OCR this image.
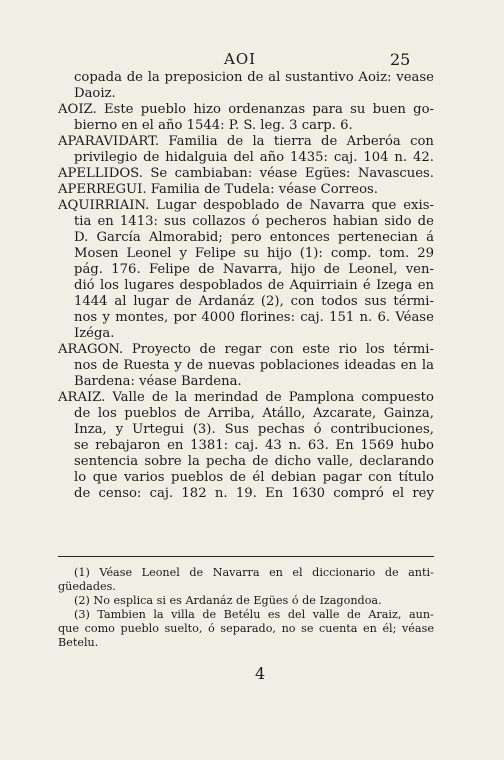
AOI	25
copada de la preposicion de al sustantivo Aoiz: vease
Daoiz.
AOIZ. Este pueblo hizo ordenanzas para su buen go-
bierno en el año 1544: P. S. leg. 3 carp. 6.
APARAVIDÁRT. Familia de la tierra de Arberóa con
privilegio de hidalguia del año 1435: caj. 104 n. 42.
APELLIDOS. Se cambiaban: véase Egües: Navascues.
APERREGUI. Familia de Tudela: véase Correos.
AQUIRRIAIN. Lugar despoblado de Navarra que exis-
tia en 1413: sus collazos ó pecheros habian sido de
D. García Almorabid; pero entonces pertenecian á
Mosen Leonel y Felipe su hijo (1): comp. tom. 29
pág. 176. Felipe de Navarra, hijo de Leonel, ven-
dió los lugares despoblados de Aquirriain é Izega en
1444 al lugar de Ardanáz (2), con todos sus térmi-
nos y montes, por 4000 florines: caj. 151 n. 6. Véase
Izéga.
ARAGON. Proyecto de regar con este rio los térmi-
nos de Ruesta y de nuevas poblaciones ideadas en la
Bardena: véase Bardena.
ARAIZ. Valle de la merindad de Pamplona compuesto
de los pueblos de Arriba, Atállo, Azcarate, Gainza,
Inza, y Urtegui (3). Sus pechas ó contribuciones,
se rebajaron en 1381: caj. 43 n. 63. En 1569 hubo
sentencia sobre la pecha de dicho valle, declarando
lo que varios pueblos de él debian pagar con título
de censo: caj. 182 n. 19. En 1630 compró el rey
(1) Véase Leonel de Navarra en el diccionario de anti-
güedades.
(2) No esplica si es Ardanáz de Egües ó de Izagondoa.
(3) Tambien la villa de Betélu es del valle de Araiz, aun-
que como pueblo suelto, ó separado, no se cuenta en él; véase
Betelu.
4
